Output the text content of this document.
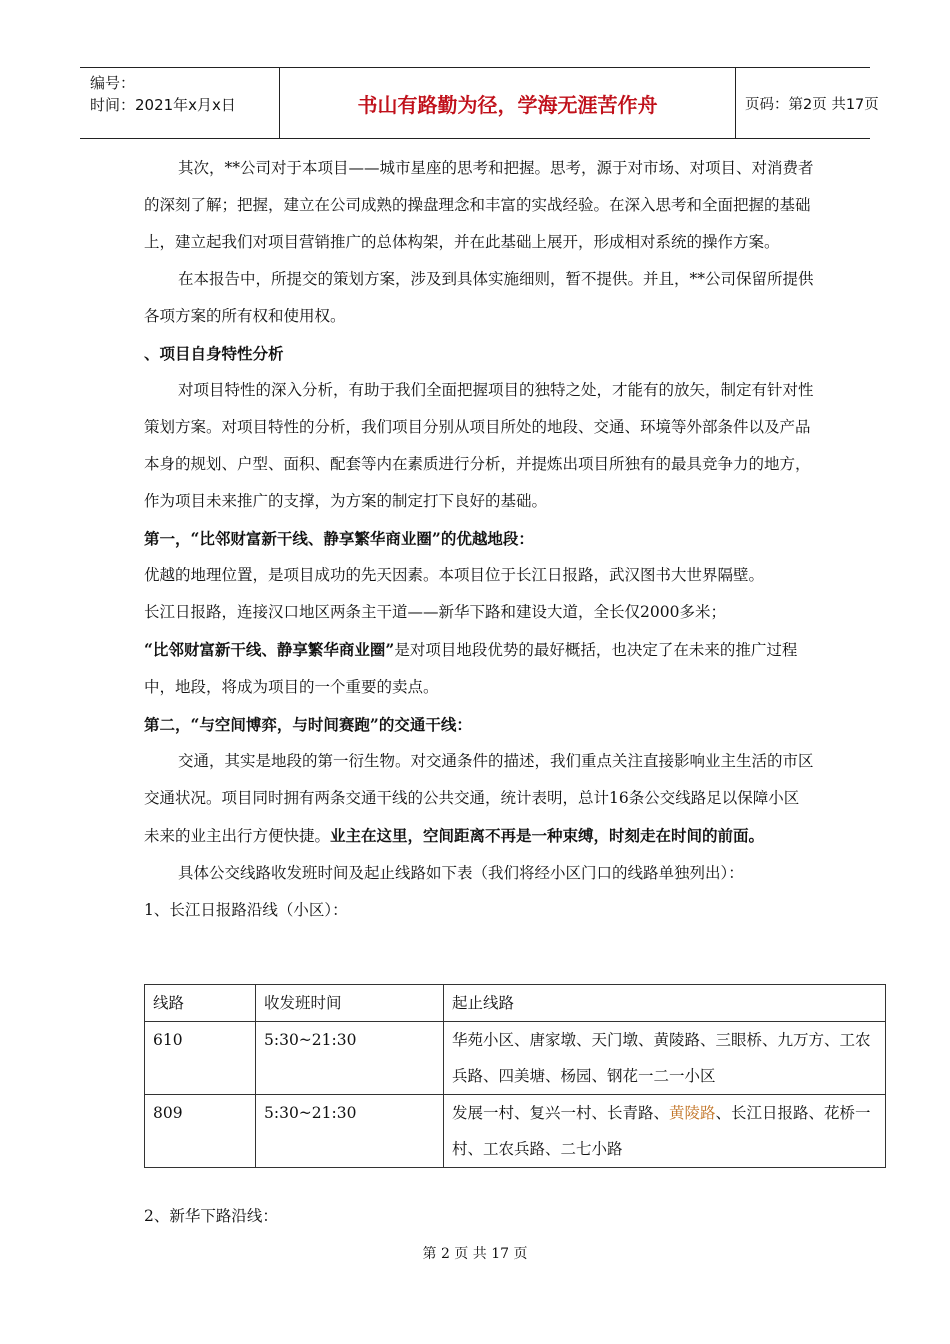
编号：
时间：2021年x月x日	书山有路勤为径，学海无涯苦作舟	页码：第2页 共17页

其次，**公司对于本项目——城市星座的思考和把握。思考，源于对市场、对项目、对消费者的深刻了解；把握，建立在公司成熟的操盘理念和丰富的实战经验。在深入思考和全面把握的基础上，建立起我们对项目营销推广的总体构架，并在此基础上展开，形成相对系统的操作方案。

在本报告中，所提交的策划方案，涉及到具体实施细则，暂不提供。并且，**公司保留所提供各项方案的所有权和使用权。

、项目自身特性分析

对项目特性的深入分析，有助于我们全面把握项目的独特之处，才能有的放矢，制定有针对性策划方案。对项目特性的分析，我们项目分别从项目所处的地段、交通、环境等外部条件以及产品本身的规划、户型、面积、配套等内在素质进行分析，并提炼出项目所独有的最具竞争力的地方，作为项目未来推广的支撑，为方案的制定打下良好的基础。

第一，“比邻财富新干线、静享繁华商业圈”的优越地段：

优越的地理位置，是项目成功的先天因素。本项目位于长江日报路，武汉图书大世界隔壁。

长江日报路，连接汉口地区两条主干道——新华下路和建设大道，全长仅2000多米；

“比邻财富新干线、静享繁华商业圈”是对项目地段优势的最好概括，也决定了在未来的推广过程中，地段，将成为项目的一个重要的卖点。

第二，“与空间博弈，与时间赛跑”的交通干线：

交通，其实是地段的第一衍生物。对交通条件的描述，我们重点关注直接影响业主生活的市区交通状况。项目同时拥有两条交通干线的公共交通，统计表明，总计16条公交线路足以保障小区未来的业主出行方便快捷。业主在这里，空间距离不再是一种束缚，时刻走在时间的前面。

具体公交线路收发班时间及起止线路如下表（我们将经小区门口的线路单独列出）：

1、长江日报路沿线（小区）：

线路	收发班时间	起止线路
610	5:30~21:30	华苑小区、唐家墩、天门墩、黄陵路、三眼桥、九万方、工农兵路、四美塘、杨园、钢花一二一小区
809	5:30~21:30	发展一村、复兴一村、长青路、黄陵路、长江日报路、花桥一村、工农兵路、二七小路
2、新华下路沿线：
第 2 页 共 17 页
